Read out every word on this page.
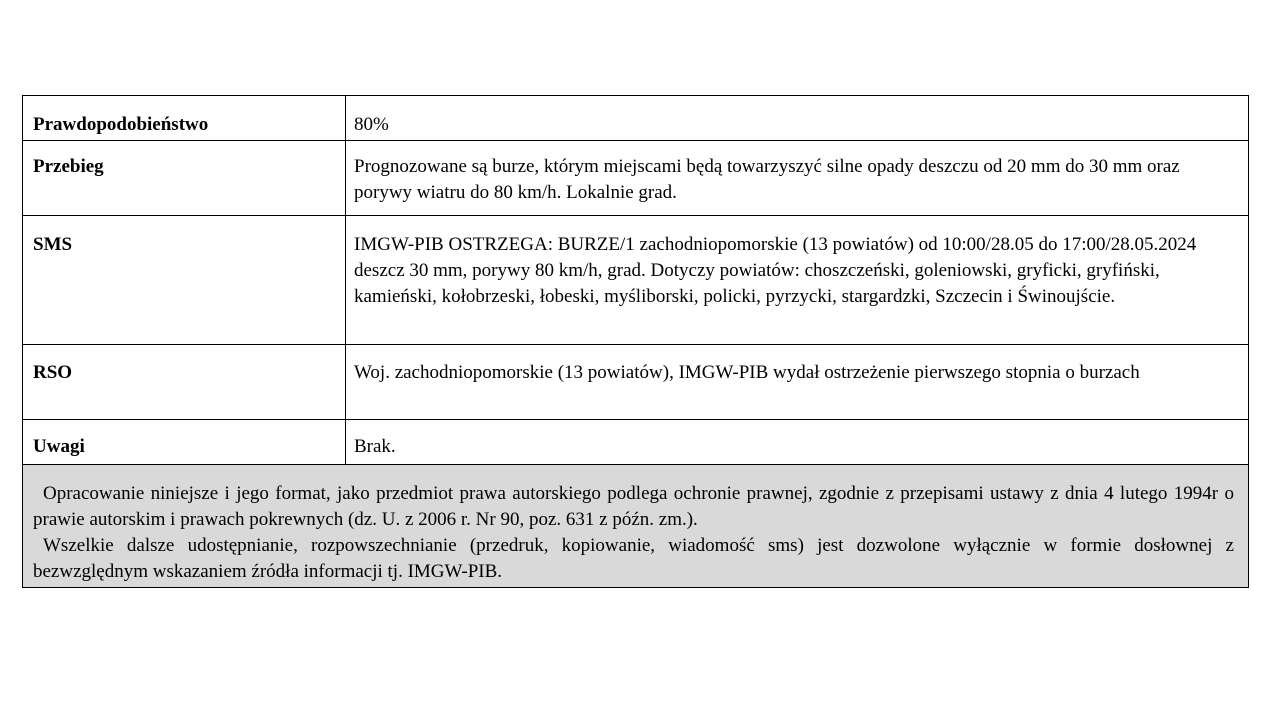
Prawdopodobieństwo	80%
Przebieg	Prognozowane są burze, którym miejscami będą towarzyszyć silne opady deszczu od 20 mm do 30 mm oraz porywy wiatru do 80 km/h. Lokalnie grad.
SMS	IMGW-PIB OSTRZEGA: BURZE/1 zachodniopomorskie (13 powiatów) od 10:00/28.05 do 17:00/28.05.2024 deszcz 30 mm, porywy 80 km/h, grad. Dotyczy powiatów: choszczeński, goleniowski, gryficki, gryfiński, kamieński, kołobrzeski, łobeski, myśliborski, policki, pyrzycki, stargardzki, Szczecin i Świnoujście.
RSO	Woj. zachodniopomorskie (13 powiatów), IMGW-PIB wydał ostrzeżenie pierwszego stopnia o burzach
Uwagi	Brak.

Opracowanie niniejsze i jego format, jako przedmiot prawa autorskiego podlega ochronie prawnej, zgodnie z przepisami ustawy z dnia 4 lutego 1994r o prawie autorskim i prawach pokrewnych (dz. U. z 2006 r. Nr 90, poz. 631 z późn. zm.).
Wszelkie dalsze udostępnianie, rozpowszechnianie (przedruk, kopiowanie, wiadomość sms) jest dozwolone wyłącznie w formie dosłownej z bezwzględnym wskazaniem źródła informacji tj. IMGW-PIB.	
